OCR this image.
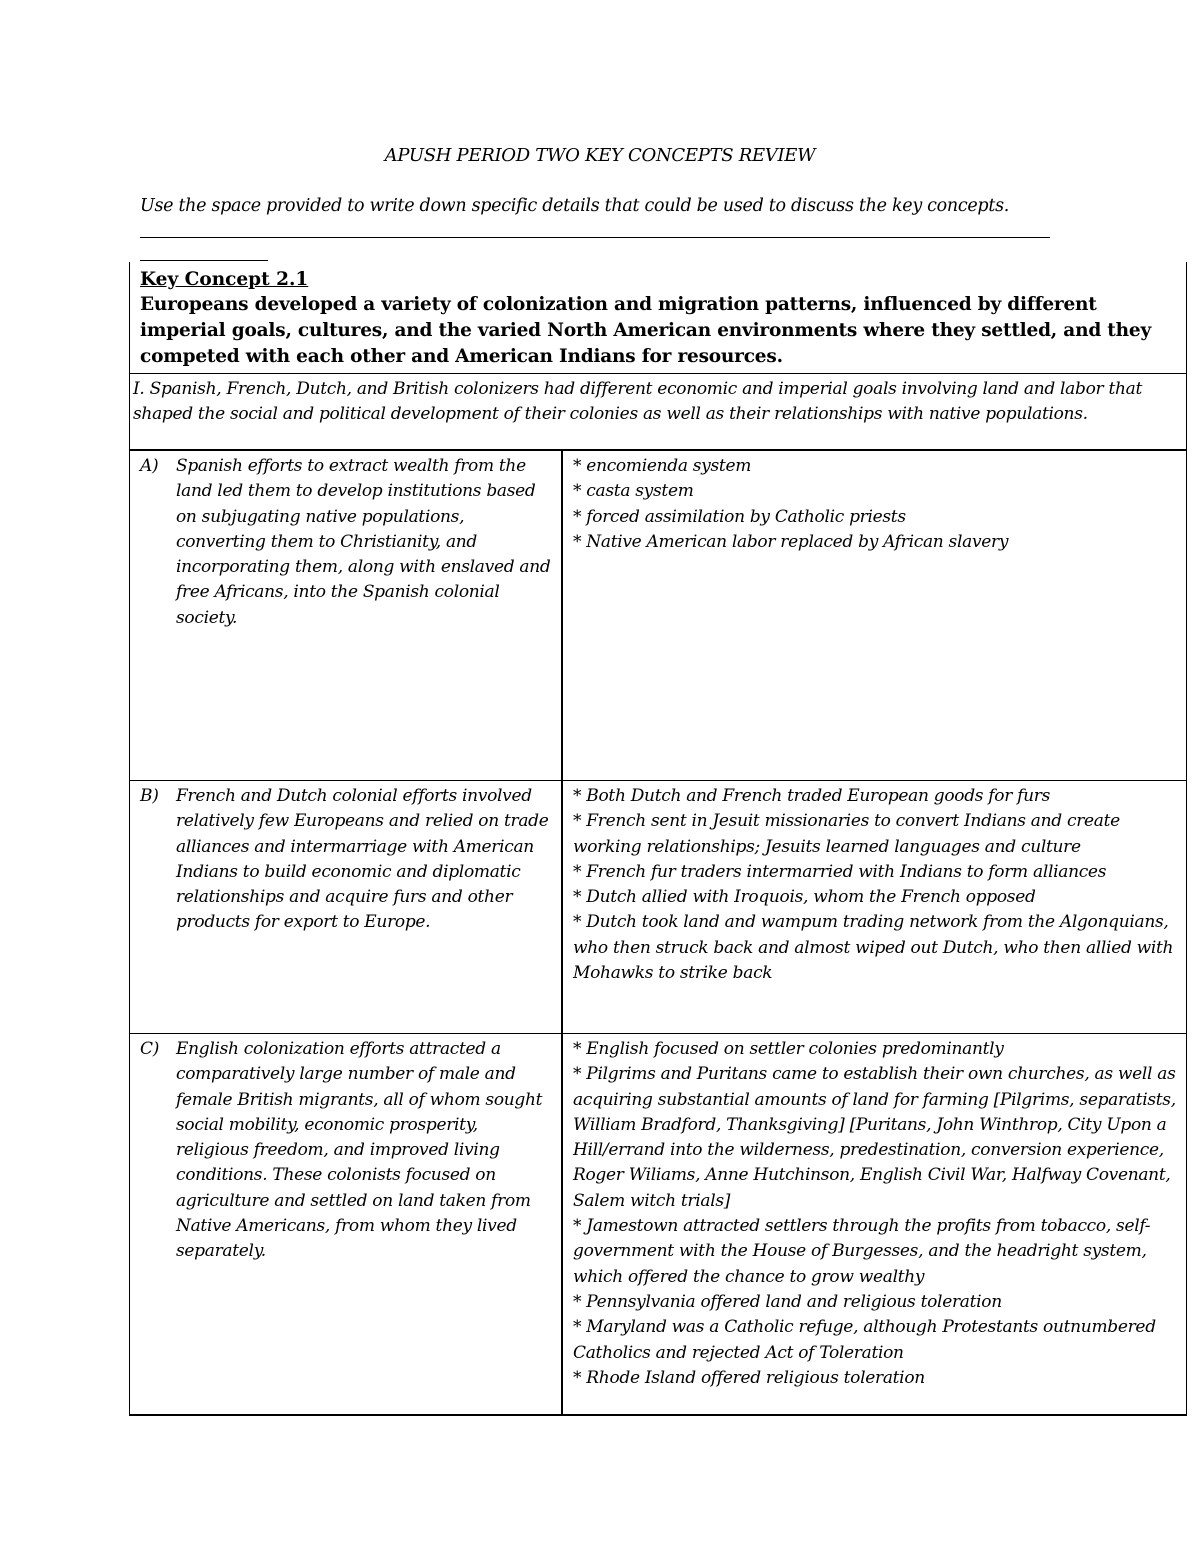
APUSH PERIOD TWO KEY CONCEPTS REVIEW
Use the space provided to write down specific details that could be used to discuss the key concepts.
Key Concept 2.1
Europeans developed a variety of colonization and migration patterns, influenced by different imperial goals, cultures, and the varied North American environments where they settled, and they competed with each other and American Indians for resources.
I. Spanish, French, Dutch, and British colonizers had different economic and imperial goals involving land and labor that shaped the social and political development of their colonies as well as their relationships with native populations.
A)	Spanish efforts to extract wealth from the land led them to develop institutions based on subjugating native populations, converting them to Christianity, and incorporating them, along with enslaved and free Africans, into the Spanish colonial society.
* encomienda system
* casta system
* forced assimilation by Catholic priests
* Native American labor replaced by African slavery
B)	French and Dutch colonial efforts involved relatively few Europeans and relied on trade alliances and intermarriage with American Indians to build economic and diplomatic relationships and acquire furs and other products for export to Europe.
* Both Dutch and French traded European goods for furs
* French sent in Jesuit missionaries to convert Indians and create working relationships; Jesuits learned languages and culture
* French fur traders intermarried with Indians to form alliances
* Dutch allied with Iroquois, whom the French opposed
* Dutch took land and wampum trading network from the Algonquians, who then struck back and almost wiped out Dutch, who then allied with Mohawks to strike back
C) English colonization efforts attracted a comparatively large number of male and female British migrants, all of whom sought social mobility, economic prosperity, religious freedom, and improved living conditions. These colonists focused on agriculture and settled on land taken from Native Americans, from whom they lived separately.
* English focused on settler colonies predominantly
* Pilgrims and Puritans came to establish their own churches, as well as acquiring substantial amounts of land for farming [Pilgrims, separatists, William Bradford, Thanksgiving] [Puritans, John Winthrop, City Upon a Hill/errand into the wilderness, predestination, conversion experience, Roger Wiliams, Anne Hutchinson, English Civil War, Halfway Covenant, Salem witch trials]
* Jamestown attracted settlers through the profits from tobacco, self-government with the House of Burgesses, and the headright system, which offered the chance to grow wealthy
* Pennsylvania offered land and religious toleration
* Maryland was a Catholic refuge, although Protestants outnumbered Catholics and rejected Act of Toleration
* Rhode Island offered religious toleration
